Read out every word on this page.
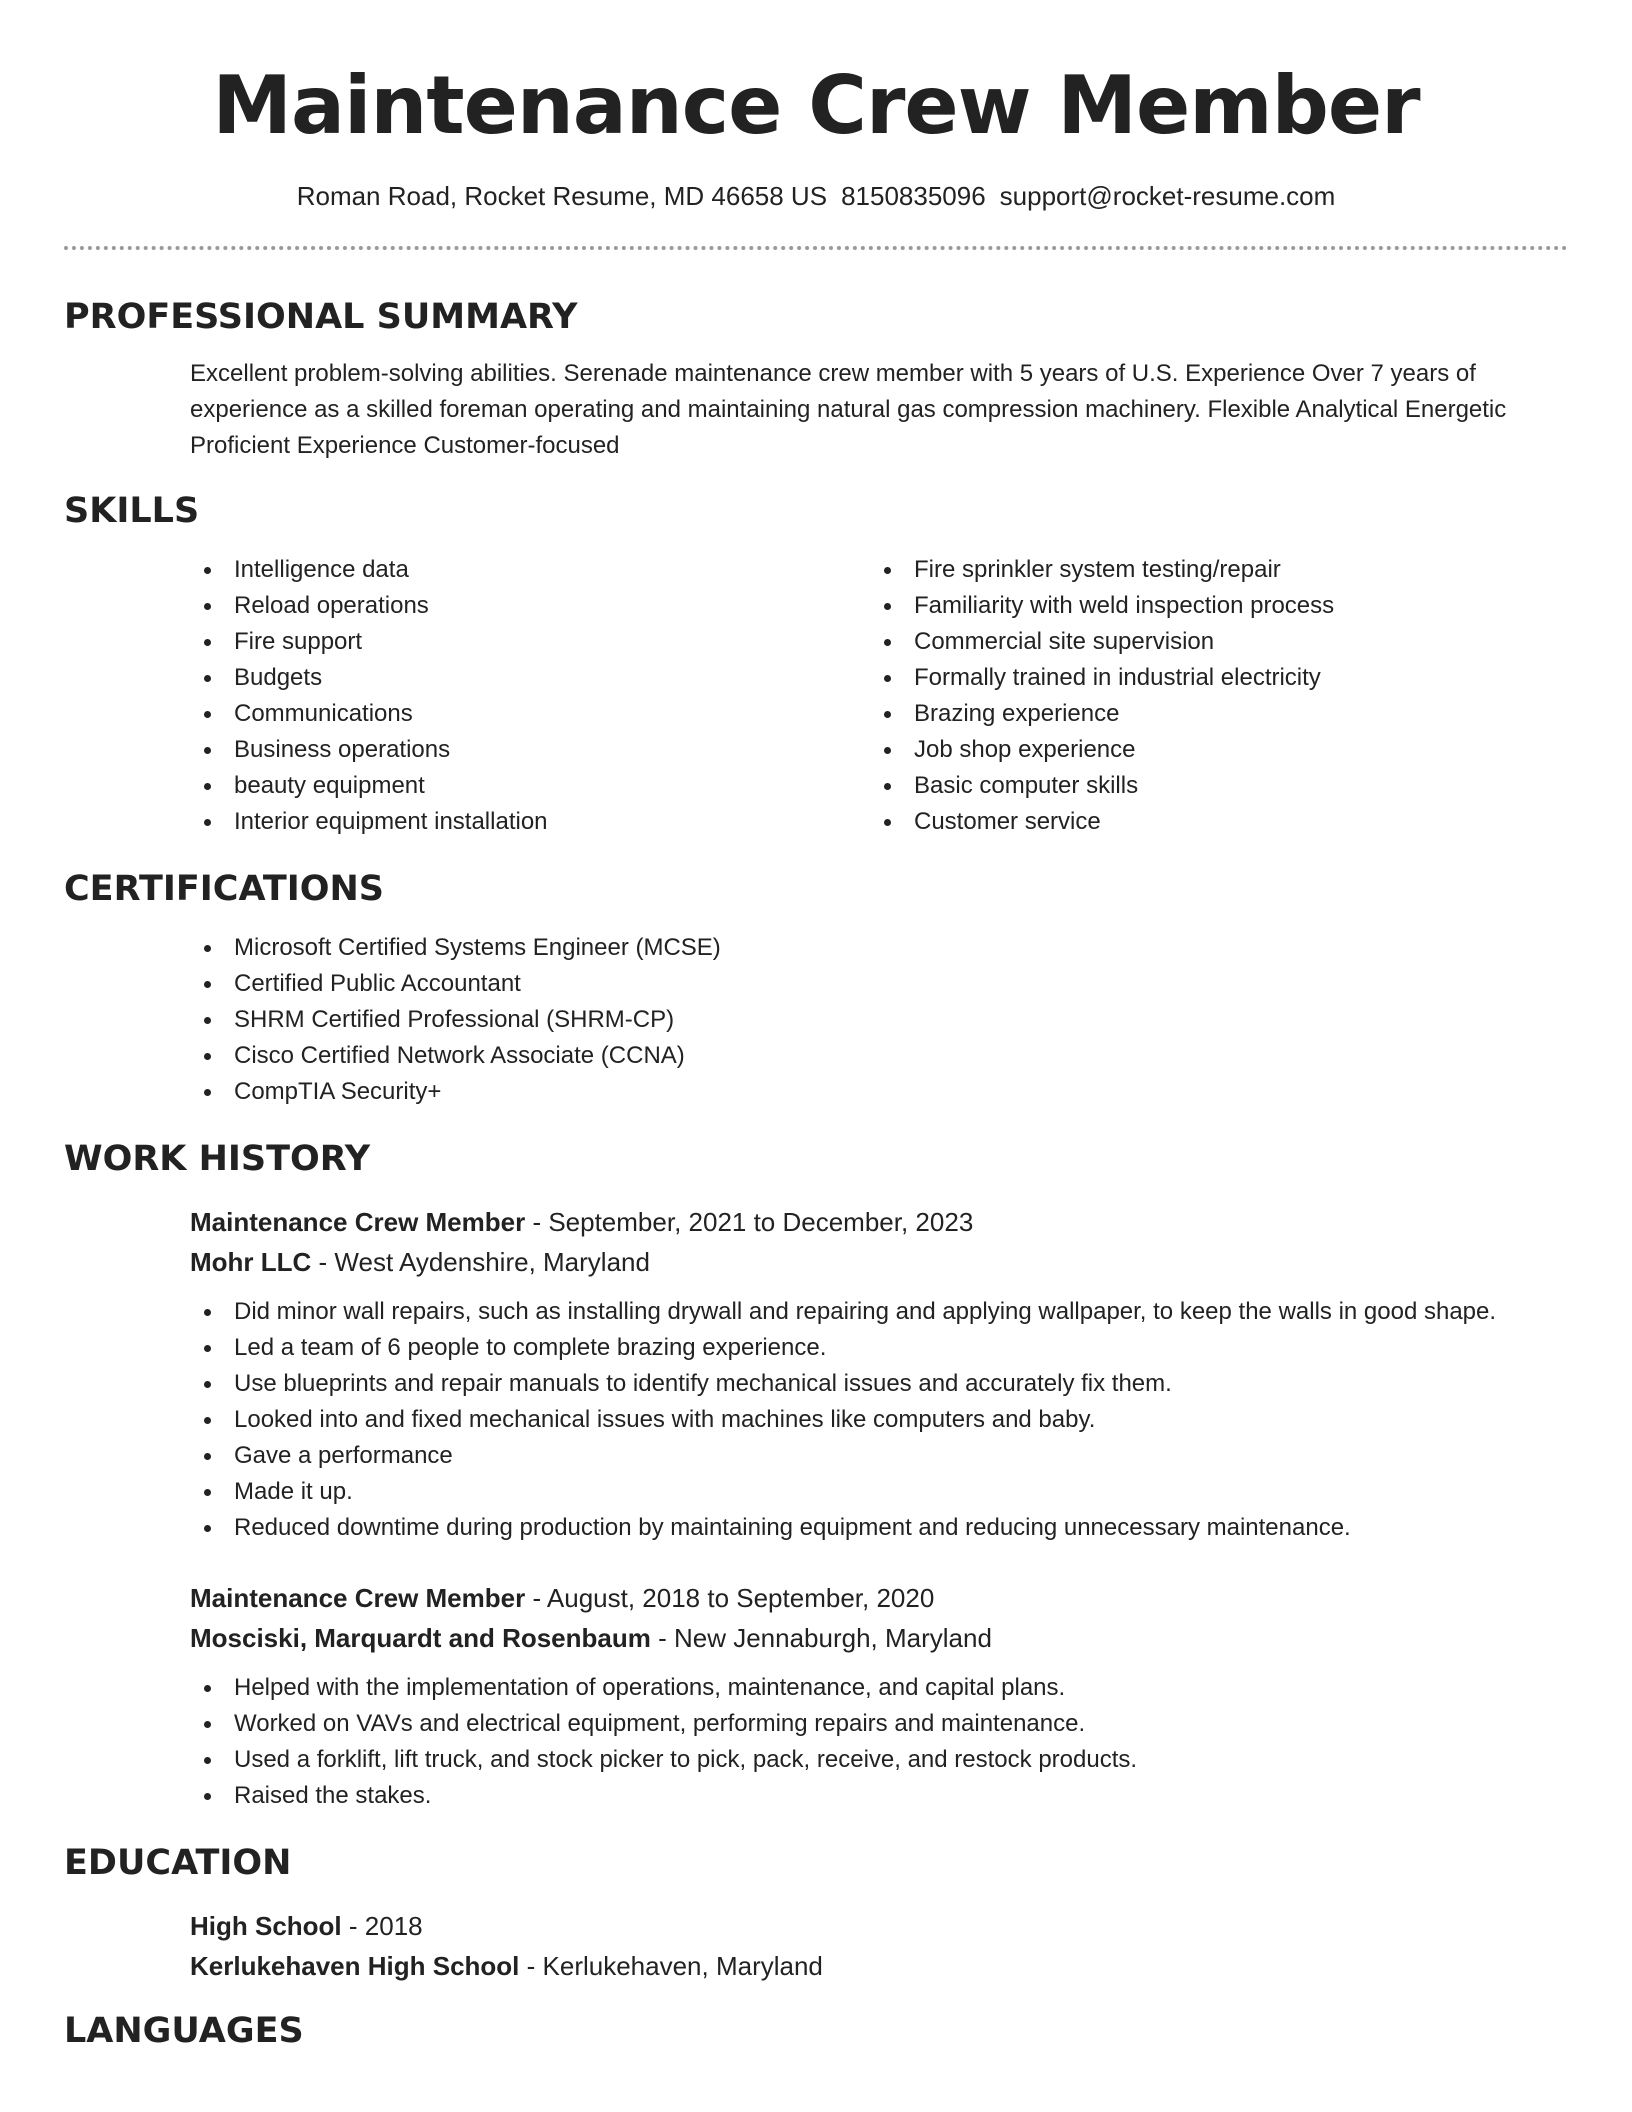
Maintenance Crew Member
Roman Road, Rocket Resume, MD 46658 US 8150835096 support@rocket-resume.com
PROFESSIONAL SUMMARY

Excellent problem-solving abilities. Serenade maintenance crew member with 5 years of U.S. Experience Over 7 years of experience as a skilled foreman operating and maintaining natural gas compression machinery. Flexible Analytical Energetic Proficient Experience Customer-focused

SKILLS
Intelligence data
Reload operations
Fire support
Budgets
Communications
Business operations
beauty equipment
Interior equipment installation
Fire sprinkler system testing/repair
Familiarity with weld inspection process
Commercial site supervision
Formally trained in industrial electricity
Brazing experience
Job shop experience
Basic computer skills
Customer service
CERTIFICATIONS
Microsoft Certified Systems Engineer (MCSE)
Certified Public Accountant
SHRM Certified Professional (SHRM-CP)
Cisco Certified Network Associate (CCNA)
CompTIA Security+
WORK HISTORY
Maintenance Crew Member - September, 2021 to December, 2023
Mohr LLC - West Aydenshire, Maryland
Did minor wall repairs, such as installing drywall and repairing and applying wallpaper, to keep the walls in good shape.
Led a team of 6 people to complete brazing experience.
Use blueprints and repair manuals to identify mechanical issues and accurately fix them.
Looked into and fixed mechanical issues with machines like computers and baby.
Gave a performance
Made it up.
Reduced downtime during production by maintaining equipment and reducing unnecessary maintenance.
Maintenance Crew Member - August, 2018 to September, 2020
Mosciski, Marquardt and Rosenbaum - New Jennaburgh, Maryland
Helped with the implementation of operations, maintenance, and capital plans.
Worked on VAVs and electrical equipment, performing repairs and maintenance.
Used a forklift, lift truck, and stock picker to pick, pack, receive, and restock products.
Raised the stakes.
EDUCATION
High School - 2018
Kerlukehaven High School - Kerlukehaven, Maryland
LANGUAGES
